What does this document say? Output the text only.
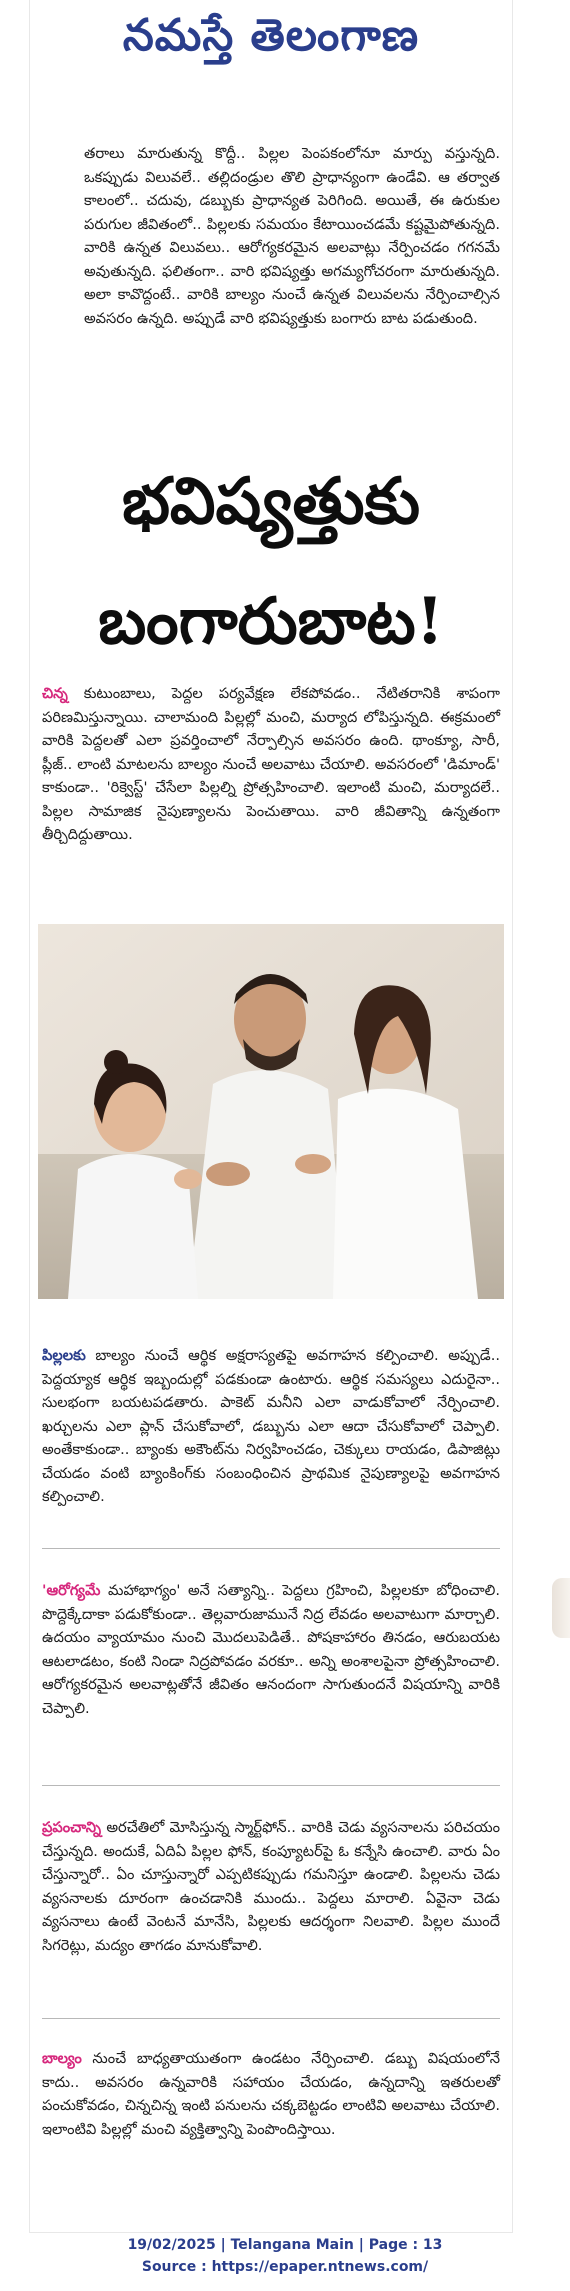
నమస్తే తెలంగాణ
తరాలు మారుతున్న కొద్దీ.. పిల్లల పెంపకంలోనూ మార్పు వస్తున్నది. ఒకప్పుడు విలువలే.. తల్లిదండ్రుల తొలి ప్రాధాన్యంగా ఉండేవి. ఆ తర్వాత కాలంలో.. చదువు, డబ్బుకు ప్రాధాన్యత పెరిగింది. అయితే, ఈ ఉరుకుల పరుగుల జీవితంలో.. పిల్లలకు సమయం కేటాయించడమే కష్టమైపోతున్నది. వారికి ఉన్నత విలువలు.. ఆరోగ్యకరమైన అలవాట్లు నేర్పించడం గగనమే అవుతున్నది. ఫలితంగా.. వారి భవిష్యత్తు అగమ్యగోచరంగా మారుతున్నది. అలా కావొద్దంటే.. వారికి బాల్యం నుంచే ఉన్నత విలువలను నేర్పించాల్సిన అవసరం ఉన్నది. అప్పుడే వారి భవిష్యత్తుకు బంగారు బాట పడుతుంది.
భవిష్యత్తుకు
బంగారుబాట!
చిన్న కుటుంబాలు, పెద్దల పర్యవేక్షణ లేకపోవడం.. నేటితరానికి శాపంగా పరిణమిస్తున్నాయి. చాలామంది పిల్లల్లో మంచి, మర్యాద లోపిస్తున్నది. ఈక్రమంలో వారికి పెద్దలతో ఎలా ప్రవర్తించాలో నేర్పాల్సిన అవసరం ఉంది. థాంక్యూ, సారీ, ప్లీజ్.. లాంటి మాటలను బాల్యం నుంచే అలవాటు చేయాలి. అవసరంలో 'డిమాండ్' కాకుండా.. 'రిక్వెస్ట్' చేసేలా పిల్లల్ని ప్రోత్సహించాలి. ఇలాంటి మంచి, మర్యాదలే.. పిల్లల సామాజిక నైపుణ్యాలను పెంచుతాయి. వారి జీవితాన్ని ఉన్నతంగా తీర్చిదిద్దుతాయి.
పిల్లలకు బాల్యం నుంచే ఆర్థిక అక్షరాస్యతపై అవగాహన కల్పించాలి. అప్పుడే.. పెద్దయ్యాక ఆర్థిక ఇబ్బందుల్లో పడకుండా ఉంటారు. ఆర్థిక సమస్యలు ఎదురైనా.. సులభంగా బయటపడతారు. పాకెట్ మనీని ఎలా వాడుకోవాలో నేర్పించాలి. ఖర్చులను ఎలా ప్లాన్ చేసుకోవాలో, డబ్బును ఎలా ఆదా చేసుకోవాలో చెప్పాలి. అంతేకాకుండా.. బ్యాంకు అకౌంట్‌ను నిర్వహించడం, చెక్కులు రాయడం, డిపాజిట్లు చేయడం వంటి బ్యాంకింగ్‌కు సంబంధించిన ప్రాథమిక నైపుణ్యాలపై అవగాహన కల్పించాలి.
'ఆరోగ్యమే మహాభాగ్యం' అనే సత్యాన్ని.. పెద్దలు గ్రహించి, పిల్లలకూ బోధించాలి. పొద్దెక్కేదాకా పడుకోకుండా.. తెల్లవారుజామునే నిద్ర లేవడం అలవాటుగా మార్చాలి. ఉదయం వ్యాయామం నుంచి మొదలుపెడితే.. పోషకాహారం తినడం, ఆరుబయట ఆటలాడటం, కంటి నిండా నిద్రపోవడం వరకూ.. అన్ని అంశాలపైనా ప్రోత్సహించాలి. ఆరోగ్యకరమైన అలవాట్లతోనే జీవితం ఆనందంగా సాగుతుందనే విషయాన్ని వారికి చెప్పాలి.
ప్రపంచాన్ని అరచేతిలో మోసిస్తున్న స్మార్ట్‌ఫోన్.. వారికి చెడు వ్యసనాలను పరిచయం చేస్తున్నది. అందుకే, ఏదిఏ పిల్లల ఫోన్, కంప్యూటర్‌పై ఓ కన్నేసి ఉంచాలి. వారు ఏం చేస్తున్నారో.. ఏం చూస్తున్నారో ఎప్పటికప్పుడు గమనిస్తూ ఉండాలి. పిల్లలను చెడు వ్యసనాలకు దూరంగా ఉంచడానికి ముందు.. పెద్దలు మారాలి. ఏవైనా చెడు వ్యసనాలు ఉంటే వెంటనే మానేసి, పిల్లలకు ఆదర్శంగా నిలవాలి. పిల్లల ముందే సిగరెట్లు, మద్యం తాగడం మానుకోవాలి.
బాల్యం నుంచే బాధ్యతాయుతంగా ఉండటం నేర్పించాలి. డబ్బు విషయంలోనే కాదు.. అవసరం ఉన్నవారికి సహాయం చేయడం, ఉన్నదాన్ని ఇతరులతో పంచుకోవడం, చిన్నచిన్న ఇంటి పనులను చక్కబెట్టడం లాంటివి అలవాటు చేయాలి. ఇలాంటివి పిల్లల్లో మంచి వ్యక్తిత్వాన్ని పెంపొందిస్తాయి.
19/02/2025 | Telangana Main | Page : 13
Source : https://epaper.ntnews.com/
